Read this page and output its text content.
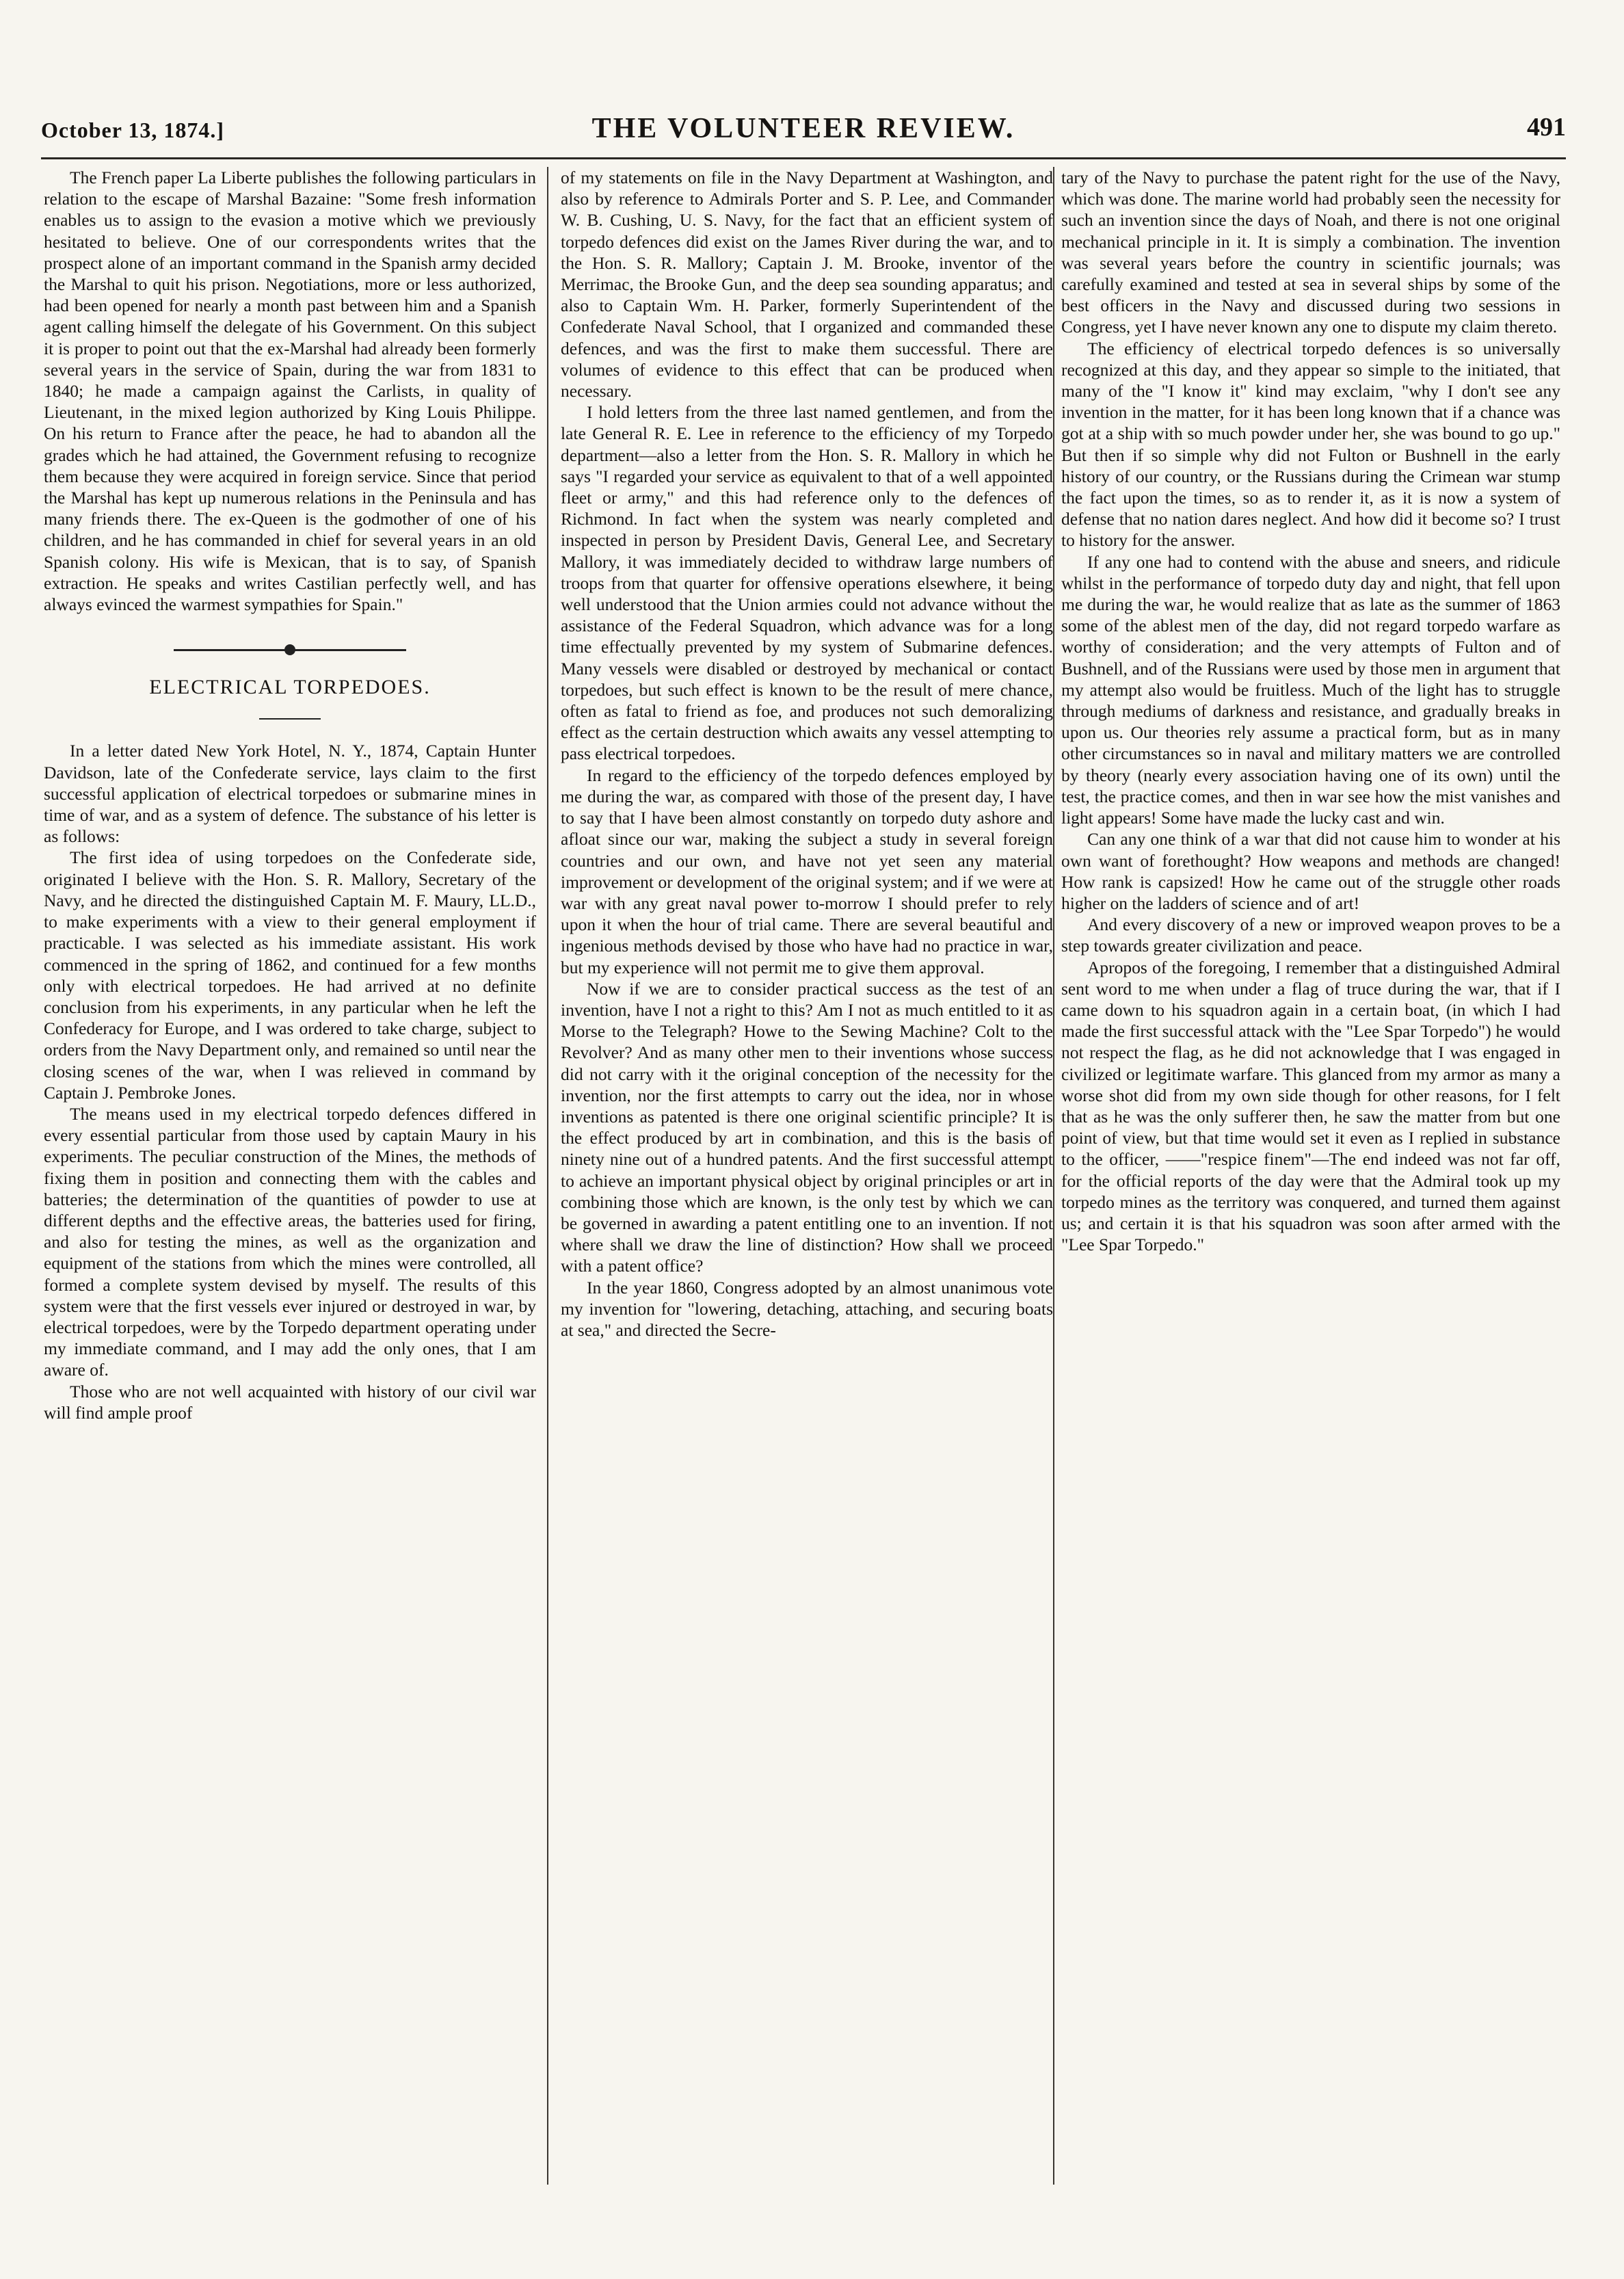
October 13, 1874.]	THE VOLUNTEER REVIEW.	491

The French paper La Liberte publishes the following particulars in relation to the escape of Marshal Bazaine: "Some fresh information enables us to assign to the evasion a motive which we previously hesitated to believe. One of our correspondents writes that the prospect alone of an important command in the Spanish army decided the Marshal to quit his prison. Negotiations, more or less authorized, had been opened for nearly a month past between him and a Spanish agent calling himself the delegate of his Government. On this subject it is proper to point out that the ex-Marshal had already been formerly several years in the service of Spain, during the war from 1831 to 1840; he made a campaign against the Carlists, in quality of Lieutenant, in the mixed legion authorized by King Louis Philippe. On his return to France after the peace, he had to abandon all the grades which he had attained, the Government refusing to recognize them because they were acquired in foreign service. Since that period the Marshal has kept up numerous relations in the Peninsula and has many friends there. The ex-Queen is the godmother of one of his children, and he has commanded in chief for several years in an old Spanish colony. His wife is Mexican, that is to say, of Spanish extraction. He speaks and writes Castilian perfectly well, and has always evinced the warmest sympathies for Spain."

ELECTRICAL TORPEDOES.

In a letter dated New York Hotel, N. Y., 1874, Captain Hunter Davidson, late of the Confederate service, lays claim to the first successful application of electrical torpedoes or submarine mines in time of war, and as a system of defence. The substance of his letter is as follows:

The first idea of using torpedoes on the Confederate side, originated I believe with the Hon. S. R. Mallory, Secretary of the Navy, and he directed the distinguished Captain M. F. Maury, LL.D., to make experiments with a view to their general employment if practicable. I was selected as his immediate assistant. His work commenced in the spring of 1862, and continued for a few months only with electrical torpedoes. He had arrived at no definite conclusion from his experiments, in any particular when he left the Confederacy for Europe, and I was ordered to take charge, subject to orders from the Navy Department only, and remained so until near the closing scenes of the war, when I was relieved in command by Captain J. Pembroke Jones.

The means used in my electrical torpedo defences differed in every essential particular from those used by captain Maury in his experiments. The peculiar construction of the Mines, the methods of fixing them in position and connecting them with the cables and batteries; the determination of the quantities of powder to use at different depths and the effective areas, the batteries used for firing, and also for testing the mines, as well as the organization and equipment of the stations from which the mines were controlled, all formed a complete system devised by myself. The results of this system were that the first vessels ever injured or destroyed in war, by electrical torpedoes, were by the Torpedo department operating under my immediate command, and I may add the only ones, that I am aware of.

Those who are not well acquainted with history of our civil war will find ample proof

of my statements on file in the Navy Department at Washington, and also by reference to Admirals Porter and S. P. Lee, and Commander W. B. Cushing, U. S. Navy, for the fact that an efficient system of torpedo defences did exist on the James River during the war, and to the Hon. S. R. Mallory; Captain J. M. Brooke, inventor of the Merrimac, the Brooke Gun, and the deep sea sounding apparatus; and also to Captain Wm. H. Parker, formerly Superintendent of the Confederate Naval School, that I organized and commanded these defences, and was the first to make them successful. There are volumes of evidence to this effect that can be produced when necessary.

I hold letters from the three last named gentlemen, and from the late General R. E. Lee in reference to the efficiency of my Torpedo department—also a letter from the Hon. S. R. Mallory in which he says "I regarded your service as equivalent to that of a well appointed fleet or army," and this had reference only to the defences of Richmond. In fact when the system was nearly completed and inspected in person by President Davis, General Lee, and Secretary Mallory, it was immediately decided to withdraw large numbers of troops from that quarter for offensive operations elsewhere, it being well understood that the Union armies could not advance without the assistance of the Federal Squadron, which advance was for a long time effectually prevented by my system of Submarine defences. Many vessels were disabled or destroyed by mechanical or contact torpedoes, but such effect is known to be the result of mere chance, often as fatal to friend as foe, and produces not such demoralizing effect as the certain destruction which awaits any vessel attempting to pass electrical torpedoes.

In regard to the efficiency of the torpedo defences employed by me during the war, as compared with those of the present day, I have to say that I have been almost constantly on torpedo duty ashore and afloat since our war, making the subject a study in several foreign countries and our own, and have not yet seen any material improvement or development of the original system; and if we were at war with any great naval power to-morrow I should prefer to rely upon it when the hour of trial came. There are several beautiful and ingenious methods devised by those who have had no practice in war, but my experience will not permit me to give them approval.

Now if we are to consider practical success as the test of an invention, have I not a right to this? Am I not as much entitled to it as Morse to the Telegraph? Howe to the Sewing Machine? Colt to the Revolver? And as many other men to their inventions whose success did not carry with it the original conception of the necessity for the invention, nor the first attempts to carry out the idea, nor in whose inventions as patented is there one original scientific principle? It is the effect produced by art in combination, and this is the basis of ninety nine out of a hundred patents. And the first successful attempt to achieve an important physical object by original principles or art in combining those which are known, is the only test by which we can be governed in awarding a patent entitling one to an invention. If not where shall we draw the line of distinction? How shall we proceed with a patent office?

In the year 1860, Congress adopted by an almost unanimous vote my invention for "lowering, detaching, attaching, and securing boats at sea," and directed the Secre-

tary of the Navy to purchase the patent right for the use of the Navy, which was done. The marine world had probably seen the necessity for such an invention since the days of Noah, and there is not one original mechanical principle in it. It is simply a combination. The invention was several years before the country in scientific journals; was carefully examined and tested at sea in several ships by some of the best officers in the Navy and discussed during two sessions in Congress, yet I have never known any one to dispute my claim thereto.

The efficiency of electrical torpedo defences is so universally recognized at this day, and they appear so simple to the initiated, that many of the "I know it" kind may exclaim, "why I don't see any invention in the matter, for it has been long known that if a chance was got at a ship with so much powder under her, she was bound to go up." But then if so simple why did not Fulton or Bushnell in the early history of our country, or the Russians during the Crimean war stump the fact upon the times, so as to render it, as it is now a system of defense that no nation dares neglect. And how did it become so? I trust to history for the answer.

If any one had to contend with the abuse and sneers, and ridicule whilst in the performance of torpedo duty day and night, that fell upon me during the war, he would realize that as late as the summer of 1863 some of the ablest men of the day, did not regard torpedo warfare as worthy of consideration; and the very attempts of Fulton and of Bushnell, and of the Russians were used by those men in argument that my attempt also would be fruitless. Much of the light has to struggle through mediums of darkness and resistance, and gradually breaks in upon us. Our theories rely assume a practical form, but as in many other circumstances so in naval and military matters we are controlled by theory (nearly every association having one of its own) until the test, the practice comes, and then in war see how the mist vanishes and light appears! Some have made the lucky cast and win.

Can any one think of a war that did not cause him to wonder at his own want of forethought? How weapons and methods are changed! How rank is capsized! How he came out of the struggle other roads higher on the ladders of science and of art!

And every discovery of a new or improved weapon proves to be a step towards greater civilization and peace.

Apropos of the foregoing, I remember that a distinguished Admiral sent word to me when under a flag of truce during the war, that if I came down to his squadron again in a certain boat, (in which I had made the first successful attack with the "Lee Spar Torpedo") he would not respect the flag, as he did not acknowledge that I was engaged in civilized or legitimate warfare. This glanced from my armor as many a worse shot did from my own side though for other reasons, for I felt that as he was the only sufferer then, he saw the matter from but one point of view, but that time would set it even as I replied in substance to the officer, ——"respice finem"—The end indeed was not far off, for the official reports of the day were that the Admiral took up my torpedo mines as the territory was conquered, and turned them against us; and certain it is that his squadron was soon after armed with the "Lee Spar Torpedo."
